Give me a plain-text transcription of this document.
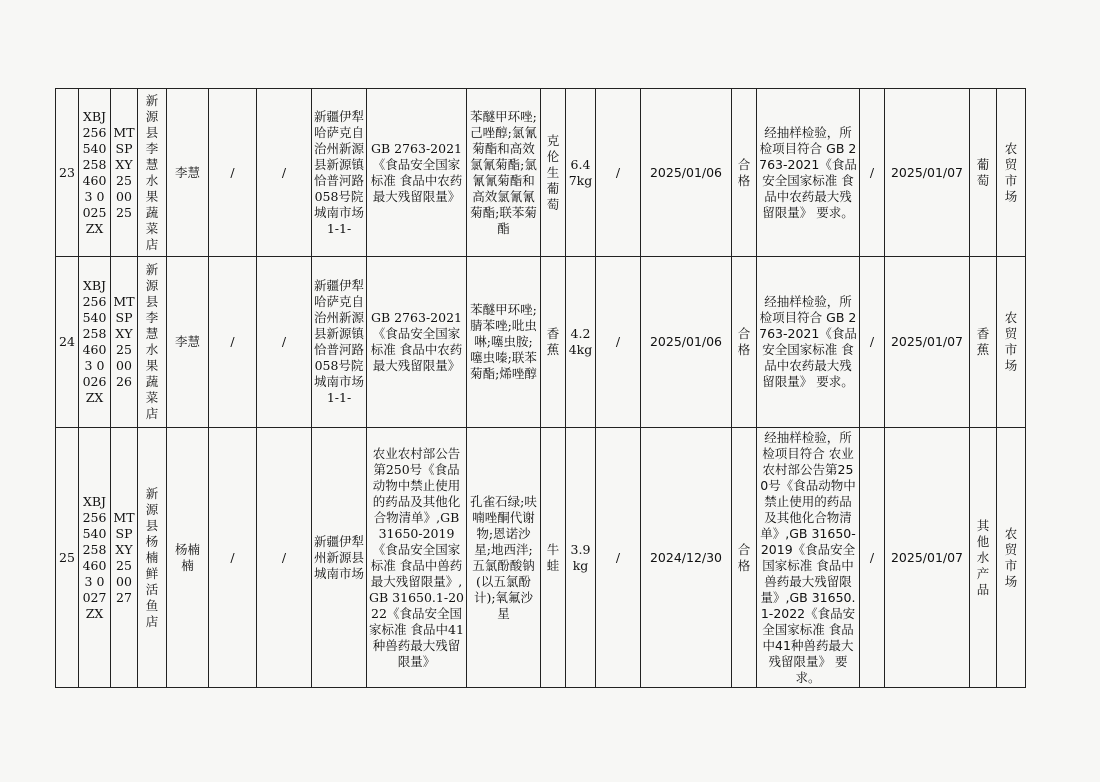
23	XBJ2565402584603 0025ZX	MTSPXY250025	新源县李慧水果蔬菜店	李慧	/	/	新疆伊犁哈萨克自治州新源县新源镇恰普河路058号院城南市场1-1-	GB 2763-2021《食品安全国家标准 食品中农药最大残留限量》	苯醚甲环唑;己唑醇;氯氰菊酯和高效氯氰菊酯;氯氰氰菊酯和高效氯氰氰菊酯;联苯菊酯	克伦生葡萄	6.47kg	/	2025/01/06	合格	经抽样检验，所检项目符合 GB 2763-2021《食品安全国家标准 食品中农药最大残留限量》 要求。	/	2025/01/07	葡萄	农贸市场
24	XBJ2565402584603 0026ZX	MTSPXY250026	新源县李慧水果蔬菜店	李慧	/	/	新疆伊犁哈萨克自治州新源县新源镇恰普河路058号院城南市场1-1-	GB 2763-2021《食品安全国家标准 食品中农药最大残留限量》	苯醚甲环唑;腈苯唑;吡虫啉;噻虫胺;噻虫嗪;联苯菊酯;烯唑醇	香蕉	4.24kg	/	2025/01/06	合格	经抽样检验，所检项目符合 GB 2763-2021《食品安全国家标准 食品中农药最大残留限量》 要求。	/	2025/01/07	香蕉	农贸市场
25	XBJ2565402584603 0027ZX	MTSPXY250027	新源县杨楠鲜活鱼店	杨楠楠	/	/	新疆伊犁州新源县城南市场	农业农村部公告第250号《食品动物中禁止使用的药品及其他化合物清单》,GB 31650-2019《食品安全国家标准 食品中兽药最大残留限量》,GB 31650.1-2022《食品安全国家标准 食品中41种兽药最大残留限量》	孔雀石绿;呋喃唑酮代谢物;恩诺沙星;地西泮;五氯酚酸钠(以五氯酚计);氧氟沙星	牛蛙	3.9kg	/	2024/12/30	合格	经抽样检验，所检项目符合 农业农村部公告第250号《食品动物中禁止使用的药品及其他化合物清单》,GB 31650-2019《食品安全国家标准 食品中兽药最大残留限量》,GB 31650.1-2022《食品安全国家标准 食品中41种兽药最大残留限量》 要求。	/	2025/01/07	其他水产品	农贸市场
